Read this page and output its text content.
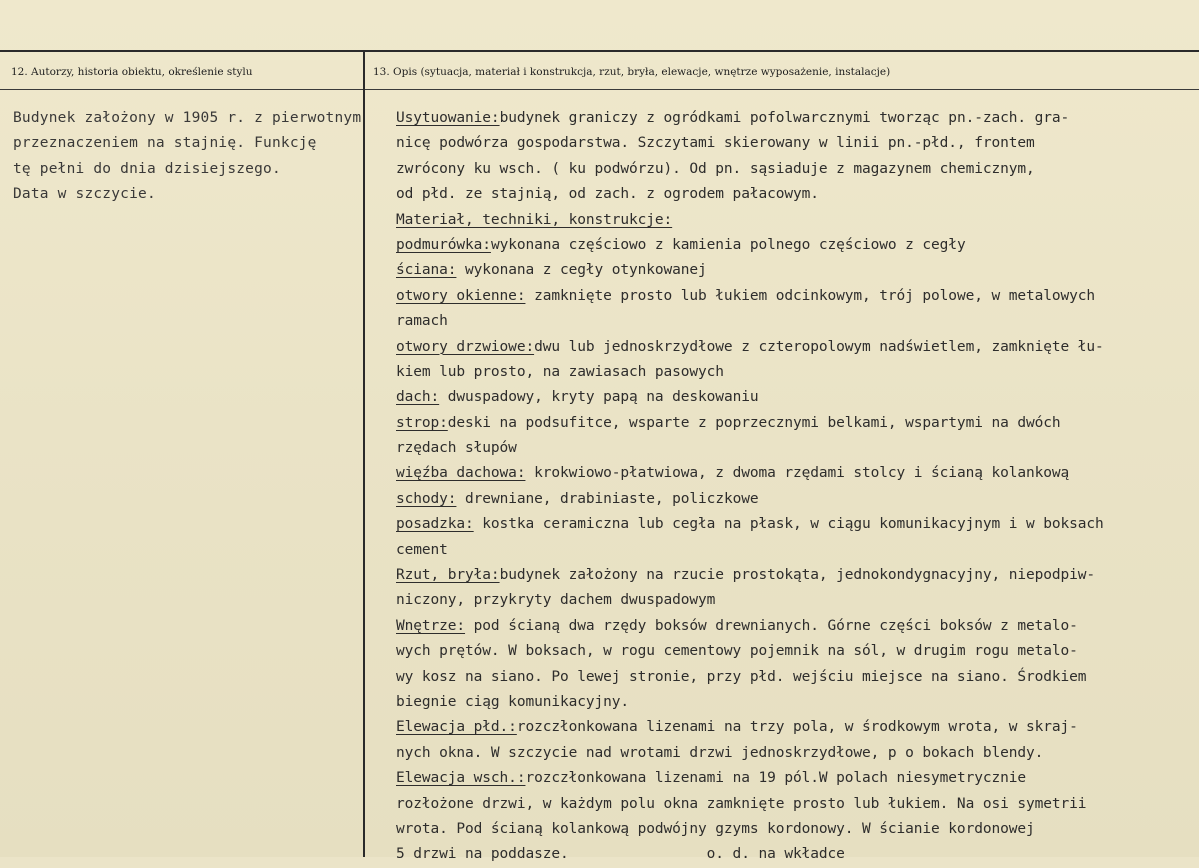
12. Autorzy, historia obiektu, określenie stylu	13. Opis (sytuacja, materiał i konstrukcja, rzut, bryła, elewacje, wnętrze wyposażenie, instalacje)
Budynek założony w 1905 r. z pierwotnym
przeznaczeniem na stajnię. Funkcję
tę pełni do dnia dzisiejszego.
Data w szczycie.
Usytuowanie:budynek graniczy z ogródkami pofolwarcznymi tworząc pn.-zach. gra-
nicę podwórza gospodarstwa. Szczytami skierowany w linii pn.-płd., frontem
zwrócony ku wsch. ( ku podwórzu). Od pn. sąsiaduje z magazynem chemicznym,
od płd. ze stajnią, od zach. z ogrodem pałacowym.
Materiał, techniki, konstrukcje:
podmurówka:wykonana częściowo z kamienia polnego częściowo z cegły
ściana: wykonana z cegły otynkowanej
otwory okienne: zamknięte prosto lub łukiem odcinkowym, trój polowe, w metalowych
ramach
otwory drzwiowe:dwu lub jednoskrzydłowe z czteropolowym nadświetlem, zamknięte łu-
kiem lub prosto, na zawiasach pasowych
dach: dwuspadowy, kryty papą na deskowaniu
strop:deski na podsufitce, wsparte z poprzecznymi belkami, wspartymi na dwóch
rzędach słupów
więźba dachowa: krokwiowo-płatwiowa, z dwoma rzędami stolcy i ścianą kolankową
schody: drewniane, drabiniaste, policzkowe
posadzka: kostka ceramiczna lub cegła na płask, w ciągu komunikacyjnym i w boksach
cement
Rzut, bryła:budynek założony na rzucie prostokąta, jednokondygnacyjny, niepodpiw-
niczony, przykryty dachem dwuspadowym
Wnętrze: pod ścianą dwa rzędy boksów drewnianych. Górne części boksów z metalo-
wych prętów. W boksach, w rogu cementowy pojemnik na sól, w drugim rogu metalo-
wy kosz na siano. Po lewej stronie, przy płd. wejściu miejsce na siano. Środkiem
biegnie ciąg komunikacyjny.
Elewacja płd.:rozczłonkowana lizenami na trzy pola, w środkowym wrota, w skraj-
nych okna. W szczycie nad wrotami drzwi jednoskrzydłowe, p o bokach blendy.
Elewacja wsch.:rozczłonkowana lizenami na 19 pól.W polach niesymetrycznie
rozłożone drzwi, w każdym polu okna zamknięte prosto lub łukiem. Na osi symetrii
wrota. Pod ścianą kolankową podwójny gzyms kordonowy. W ścianie kordonowej
5 drzwi na poddasze.                o. d. na wkładce
